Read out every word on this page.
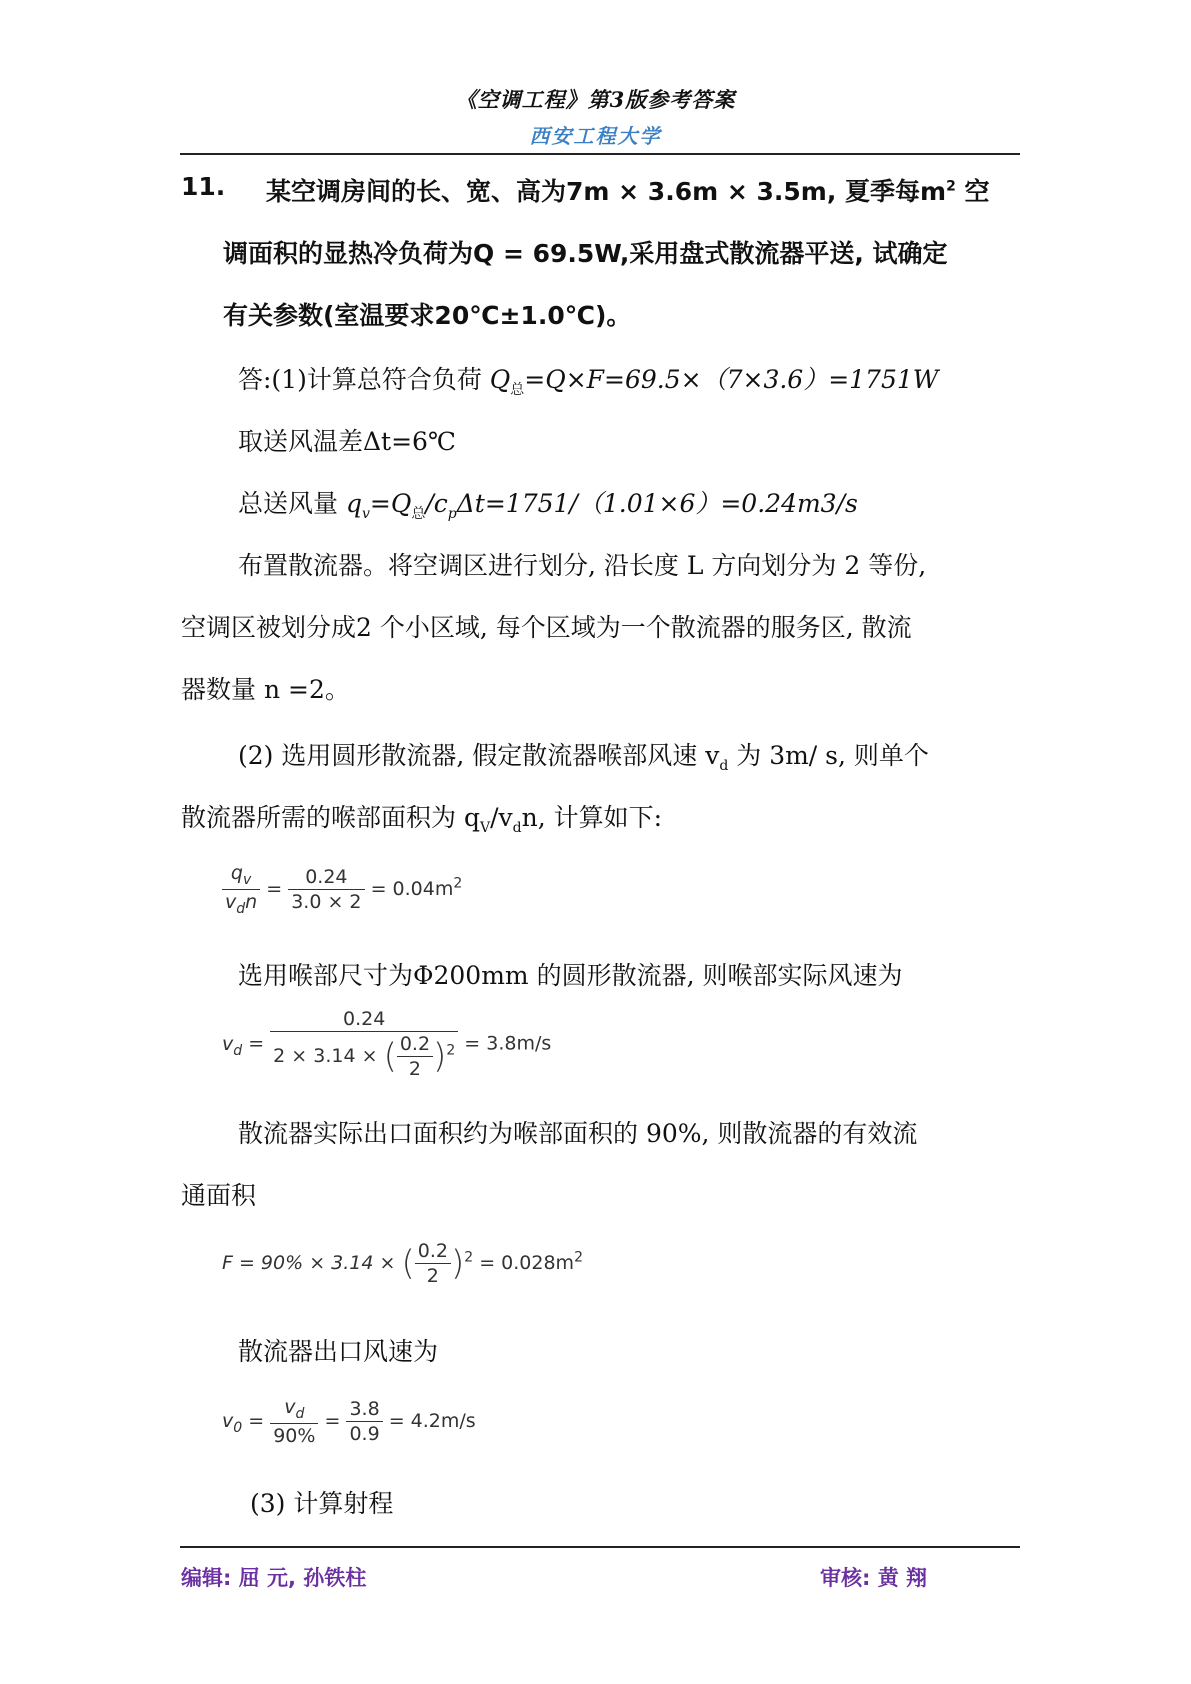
《空调工程》第3版参考答案
西安工程大学
11. 某空调房间的长、宽、高为7m × 3.6m × 3.5m, 夏季每$m^2$ 空
调面积的显热冷负荷为Q = 69.5W,采用盘式散流器平送, 试确定
有关参数(室温要求20℃±1.0℃)。
答:(1)计算总符合负荷 $Q_总=Q\times F=69.5\times(7\times 3.6)=1751W$
取送风温差Δt=6℃
总送风量 $q_v=Q_总/c_p\Delta t=1751/(1.01\times 6)=0.24m3/s$
布置散流器。将空调区进行划分, 沿长度 L 方向划分为 2 等份,
空调区被划分成2 个小区域, 每个区域为一个散流器的服务区, 散流
器数量 n =2。
(2) 选用圆形散流器, 假定散流器喉部风速 $v_d$ 为 3m/ s, 则单个
散流器所需的喉部面积为 $q_V/v_dn$, 计算如下:
$\frac{q_v}{v_dn} = \frac{0.24}{3.0 \times 2} = 0.04m^2$
选用喉部尺寸为Φ200mm 的圆形散流器, 则喉部实际风速为
$v_d = \frac{0.24}{2 \times 3.14 \times ( \frac{0.2}{2} )^2} = 3.8m/s$
散流器实际出口面积约为喉部面积的 90%, 则散流器的有效流
通面积
F = 90% × 3.14 × ( $\frac{0.2}{2} )^2 = 0.028m^2$
散流器出口风速为
$v_0 = \frac{v_d}{90\%} = \frac{3.8}{0.9} = 4.2m/s$
(3) 计算射程
编辑: 屈 元, 孙铁柱	审核: 黄 翔
